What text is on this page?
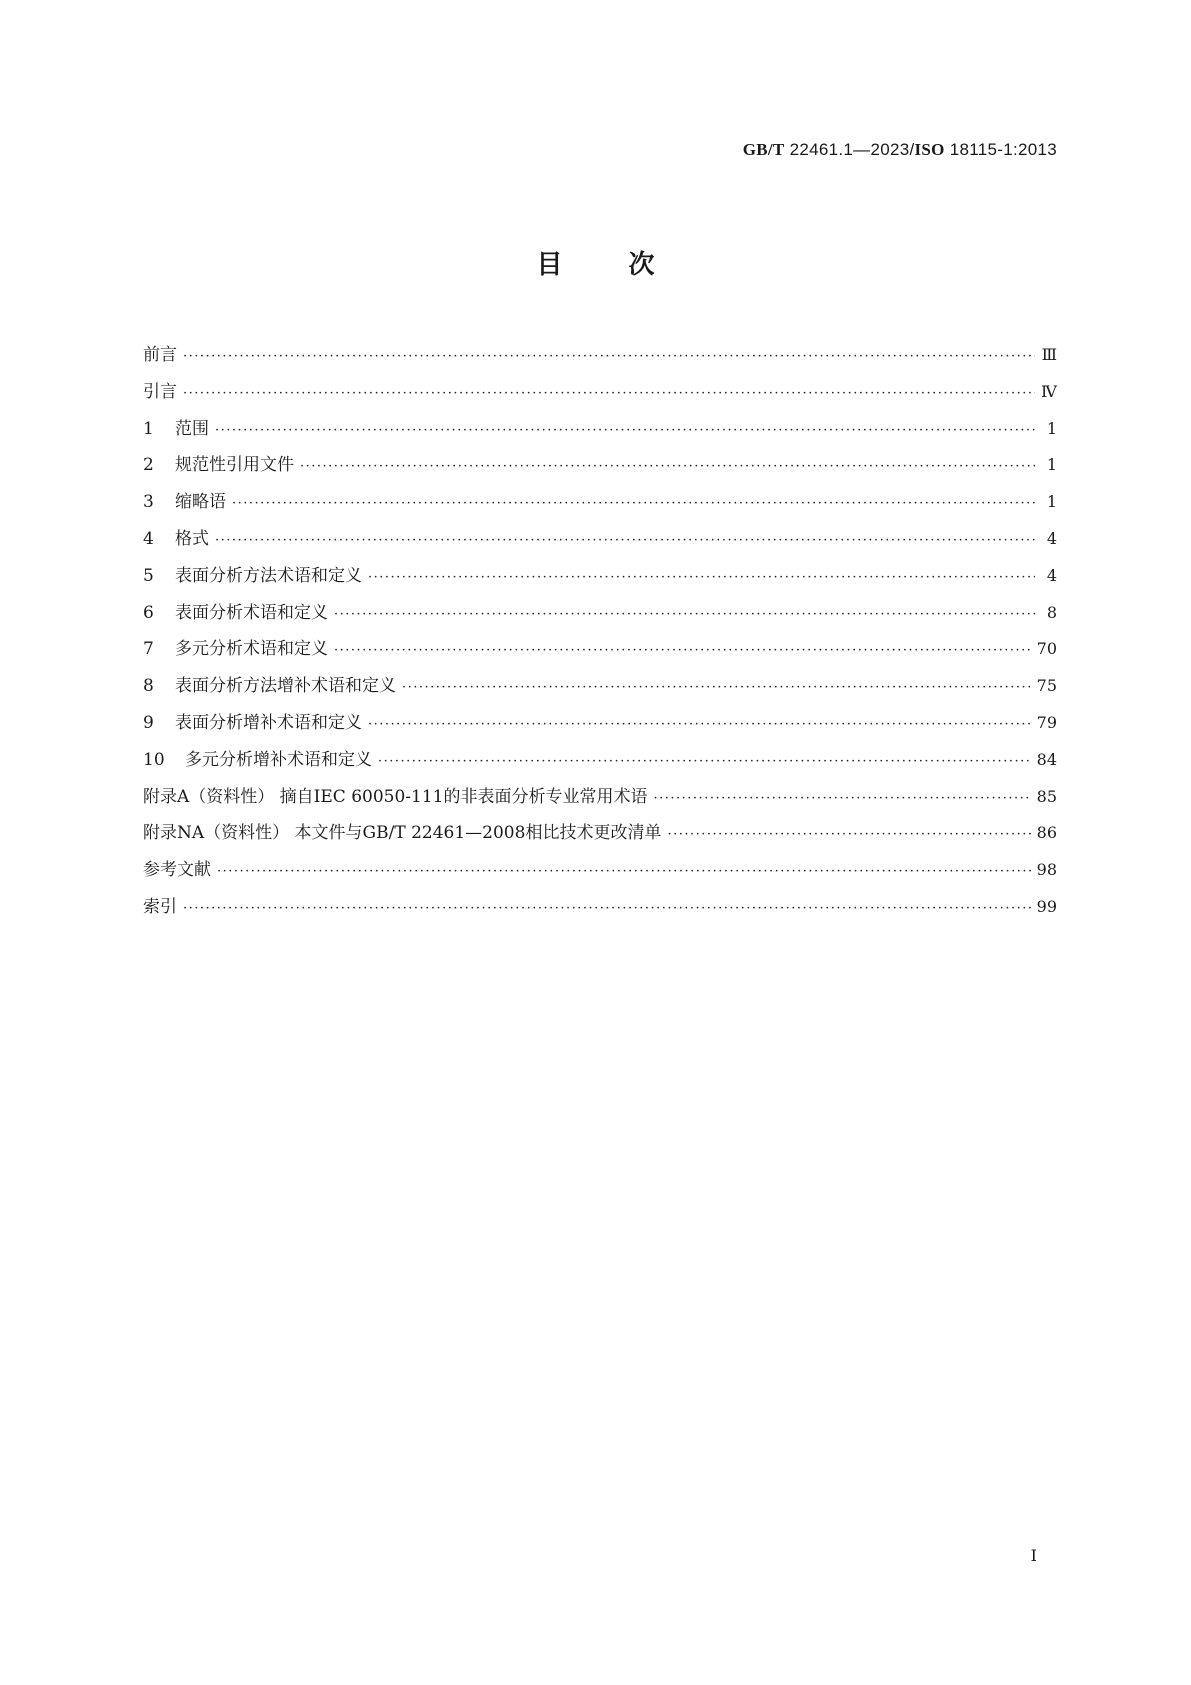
GB/T 22461.1—2023/ISO 18115-1:2013
目次
前言 ·····	Ⅲ
引言 ·····	Ⅳ
1	范围 ·····	1
2	规范性引用文件 ·····	1
3	缩略语 ·····	1
4	格式 ·····	4
5	表面分析方法术语和定义 ·····	4
6	表面分析术语和定义 ·····	8
7	多元分析术语和定义 ·····	70
8	表面分析方法增补术语和定义 ·····	75
9	表面分析增补术语和定义 ·····	79
10	多元分析增补术语和定义 ·····	84
附录A（资料性） 摘自IEC 60050-111的非表面分析专业常用术语 ·····	85
附录NA（资料性） 本文件与GB/T 22461—2008相比技术更改清单 ·····	86
参考文献 ·····	98
索引 ·····	99
Ⅰ
